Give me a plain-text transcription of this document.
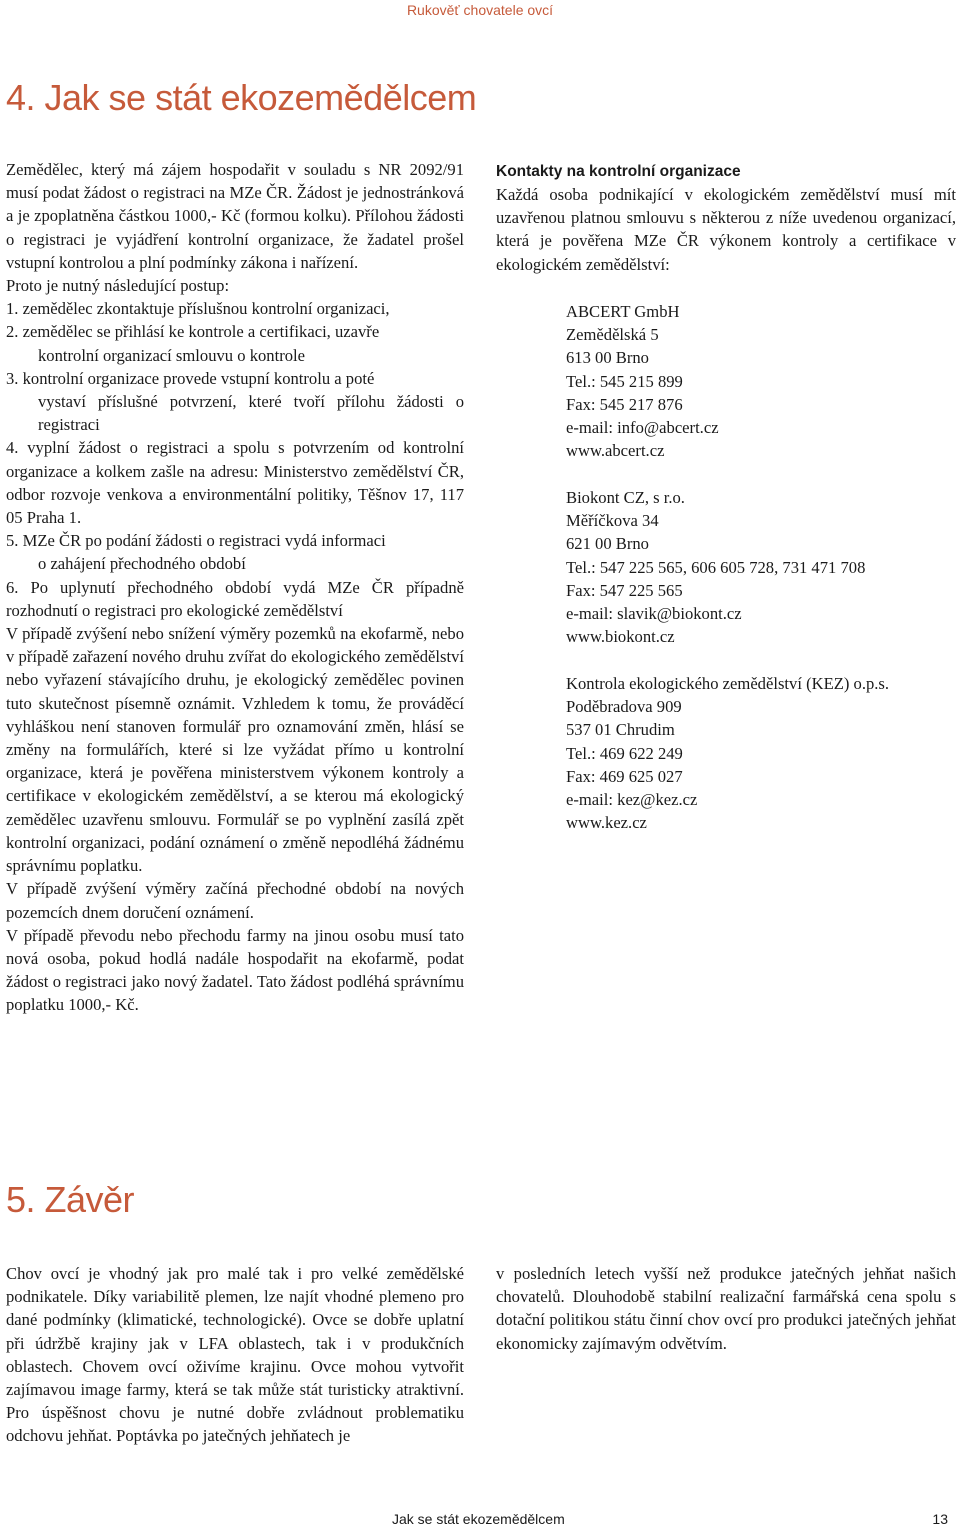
Rukověť chovatele ovcí
4. Jak se stát ekozemědělcem

Zemědělec, který má zájem hospodařit v souladu s NR 2092/91 musí podat žádost o registraci na MZe ČR. Žádost je jednostránková a je zpoplatněna částkou 1000,- Kč (formou kolku). Přílohou žádosti o registraci je vyjádření kontrolní organizace, že žadatel prošel vstupní kontrolou a plní podmínky zákona i nařízení.

Proto je nutný následující postup:

1. zemědělec zkontaktuje příslušnou kontrolní organizaci,
2. zemědělec se přihlásí ke kontrole a certifikaci, uzavře
kontrolní organizací smlouvu o kontrole
3. kontrolní organizace provede vstupní kontrolu a poté
vystaví příslušné potvrzení, které tvoří přílohu žádosti o registraci
4. vyplní žádost o registraci a spolu s potvrzením od kontrolní organizace a kolkem zašle na adresu: Ministerstvo zemědělství ČR, odbor rozvoje venkova a environmentální politiky, Těšnov 17, 117 05 Praha 1.
5. MZe ČR po podání žádosti o registraci vydá informaci
o zahájení přechodného období
6. Po uplynutí přechodného období vydá MZe ČR případně rozhodnutí o registraci pro ekologické zemědělství

V případě zvýšení nebo snížení výměry pozemků na ekofarmě, nebo v případě zařazení nového druhu zvířat do ekologického zemědělství nebo vyřazení stávajícího druhu, je ekologický zemědělec povinen tuto skutečnost písemně oznámit. Vzhledem k tomu, že prováděcí vyhláškou není stanoven formulář pro oznamování změn, hlásí se změny na formulářích, které si lze vyžádat přímo u kontrolní organizace, která je pověřena ministerstvem výkonem kontroly a certifikace v ekologickém zemědělství, a se kterou má ekologický zemědělec uzavřenu smlouvu. Formulář se po vyplnění zasílá zpět kontrolní organizaci, podání oznámení o změně nepodléhá žádnému správnímu poplatku.

V případě zvýšení výměry začíná přechodné období na nových pozemcích dnem doručení oznámení.

V případě převodu nebo přechodu farmy na jinou osobu musí tato nová osoba, pokud hodlá nadále hospodařit na ekofarmě, podat žádost o registraci jako nový žadatel. Tato žádost podléhá správnímu poplatku 1000,- Kč.

Kontakty na kontrolní organizace

Každá osoba podnikající v ekologickém zemědělství musí mít uzavřenou platnou smlouvu s některou z níže uvedenou organizací, která je pověřena MZe ČR výkonem kontroly a certifikace v ekologickém zemědělství:

ABCERT GmbH
Zemědělská 5
613 00 Brno
Tel.: 545 215 899
Fax: 545 217 876
e-mail: info@abcert.cz
www.abcert.cz
Biokont CZ, s r.o.
Měříčkova 34
621 00 Brno
Tel.: 547 225 565, 606 605 728, 731 471 708
Fax: 547 225 565
e-mail: slavik@biokont.cz
www.biokont.cz
Kontrola ekologického zemědělství (KEZ) o.p.s.
Poděbradova 909
537 01 Chrudim
Tel.: 469 622 249
Fax: 469 625 027
e-mail: kez@kez.cz
www.kez.cz
5. Závěr

Chov ovcí je vhodný jak pro malé tak i pro velké zemědělské podnikatele. Díky variabilitě plemen, lze najít vhodné plemeno pro dané podmínky (klimatické, technologické). Ovce se dobře uplatní při údržbě krajiny jak v LFA oblastech, tak i v produkčních oblastech. Chovem ovcí oživíme krajinu. Ovce mohou vytvořit zajímavou image farmy, která se tak může stát turisticky atraktivní. Pro úspěšnost chovu je nutné dobře zvládnout problematiku odchovu jehňat. Poptávka po jatečných jehňatech je

v posledních letech vyšší než produkce jatečných jehňat našich chovatelů. Dlouhodobě stabilní realizační farmářská cena spolu s dotační politikou státu činní chov ovcí pro produkci jatečných jehňat ekonomicky zajímavým odvětvím.

Jak se stát ekozemědělcem	13
